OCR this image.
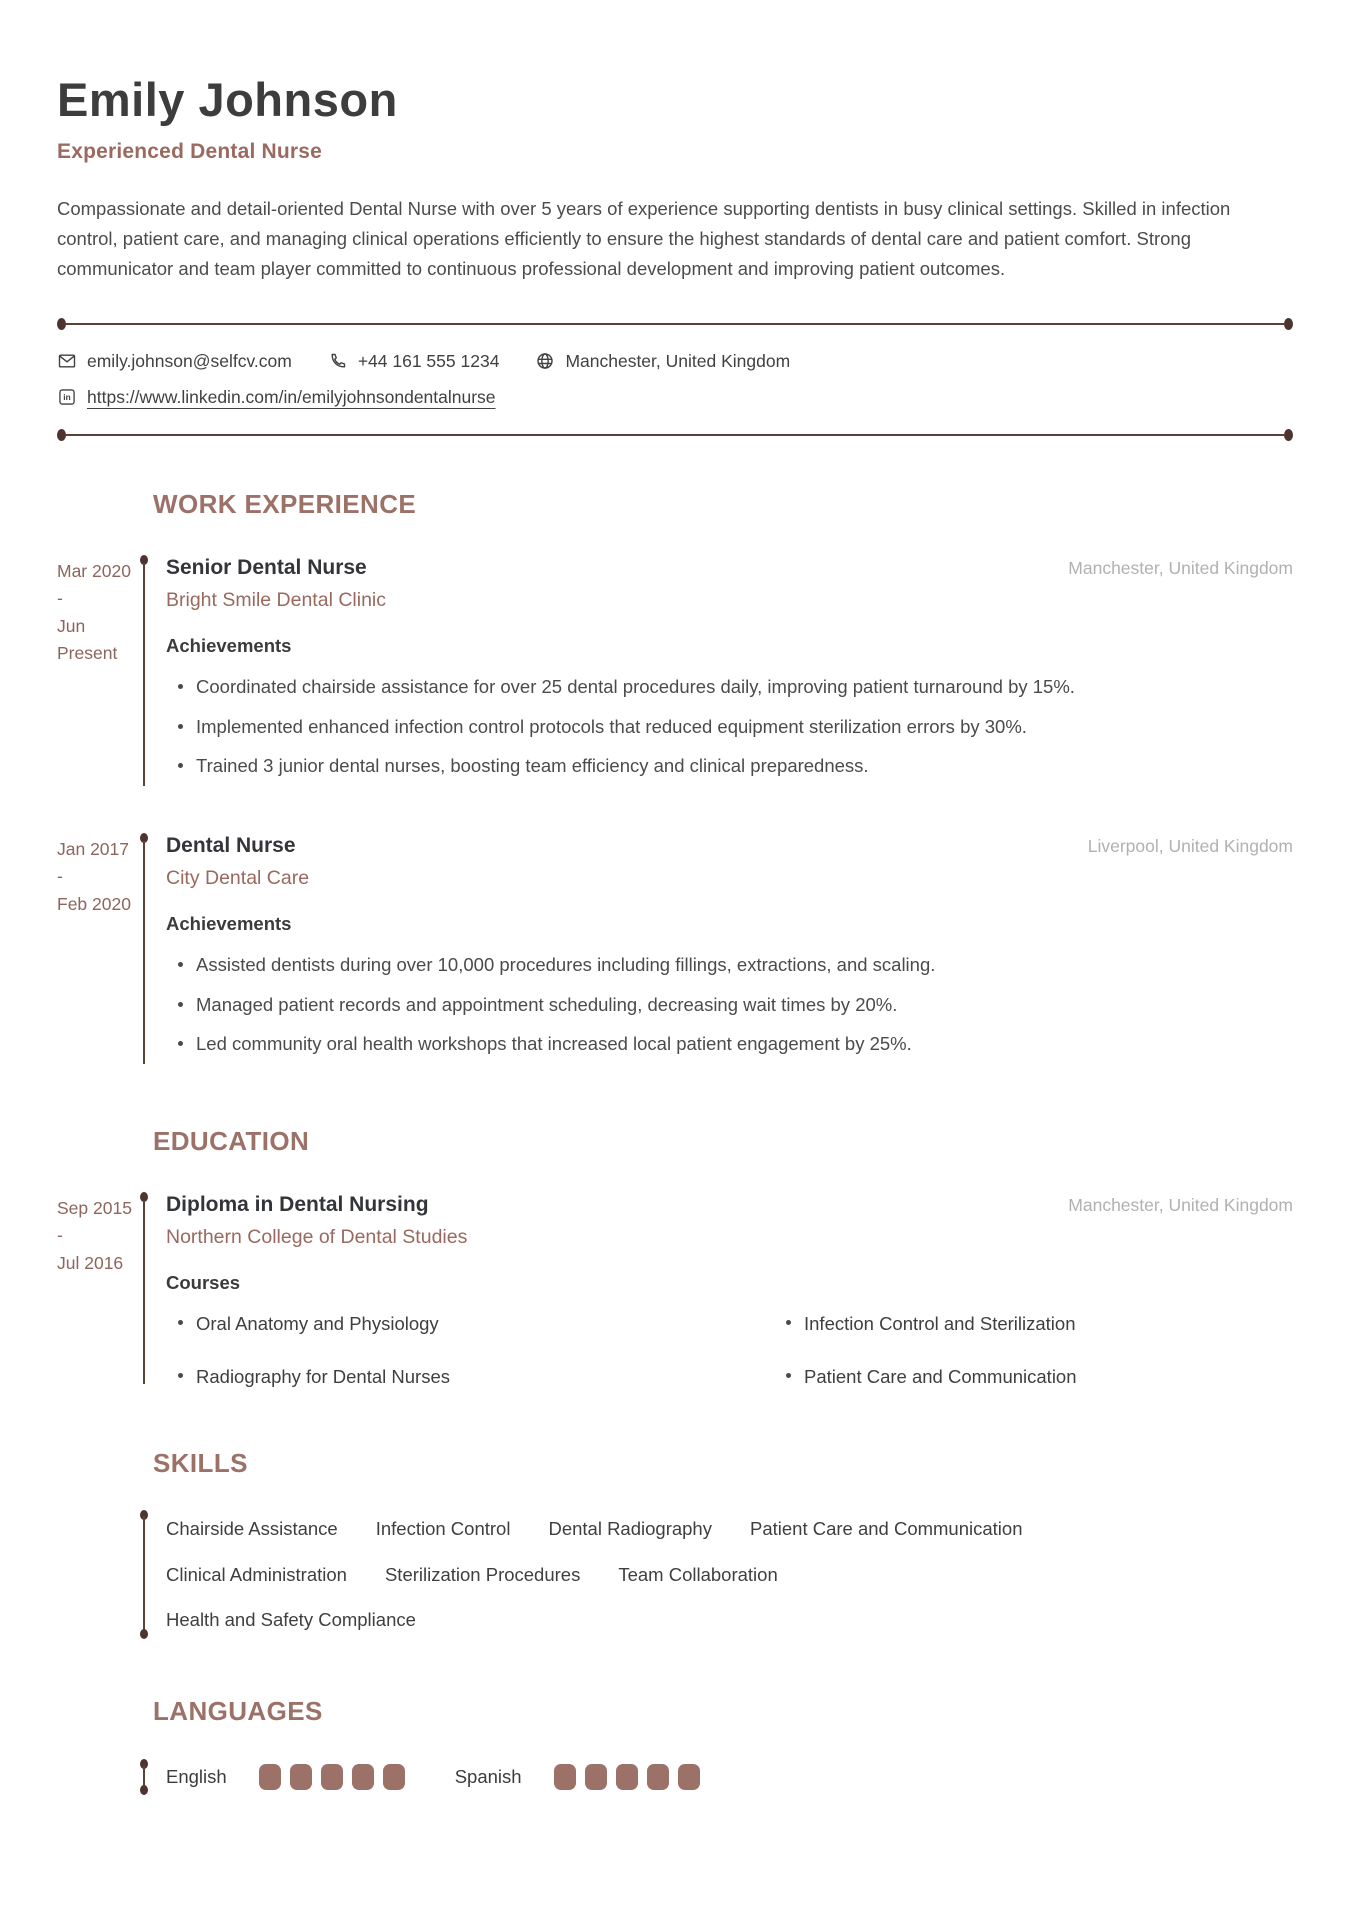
Emily Johnson
Experienced Dental Nurse

Compassionate and detail-oriented Dental Nurse with over 5 years of experience supporting dentists in busy clinical settings. Skilled in infection control, patient care, and managing clinical operations efficiently to ensure the highest standards of dental care and patient comfort. Strong communicator and team player committed to continuous professional development and improving patient outcomes.

emily.johnson@selfcv.com	+44 161 555 1234	Manchester, United Kingdom
in https://www.linkedin.com/in/emilyjohnsondentalnurse
WORK EXPERIENCE
Mar 2020
-
Jun
Present
Senior Dental Nurse	Manchester, United Kingdom
Bright Smile Dental Clinic
Achievements
Coordinated chairside assistance for over 25 dental procedures daily, improving patient turnaround by 15%.
Implemented enhanced infection control protocols that reduced equipment sterilization errors by 30%.
Trained 3 junior dental nurses, boosting team efficiency and clinical preparedness.
Jan 2017
-
Feb 2020
Dental Nurse	Liverpool, United Kingdom
City Dental Care
Achievements
Assisted dentists during over 10,000 procedures including fillings, extractions, and scaling.
Managed patient records and appointment scheduling, decreasing wait times by 20%.
Led community oral health workshops that increased local patient engagement by 25%.
EDUCATION
Sep 2015
-
Jul 2016
Diploma in Dental Nursing	Manchester, United Kingdom
Northern College of Dental Studies
Courses
Oral Anatomy and Physiology	Infection Control and Sterilization
Radiography for Dental Nurses	Patient Care and Communication
SKILLS
Chairside Assistance Infection Control Dental Radiography Patient Care and Communication
Clinical Administration Sterilization Procedures Team Collaboration
Health and Safety Compliance
LANGUAGES
English	Spanish
